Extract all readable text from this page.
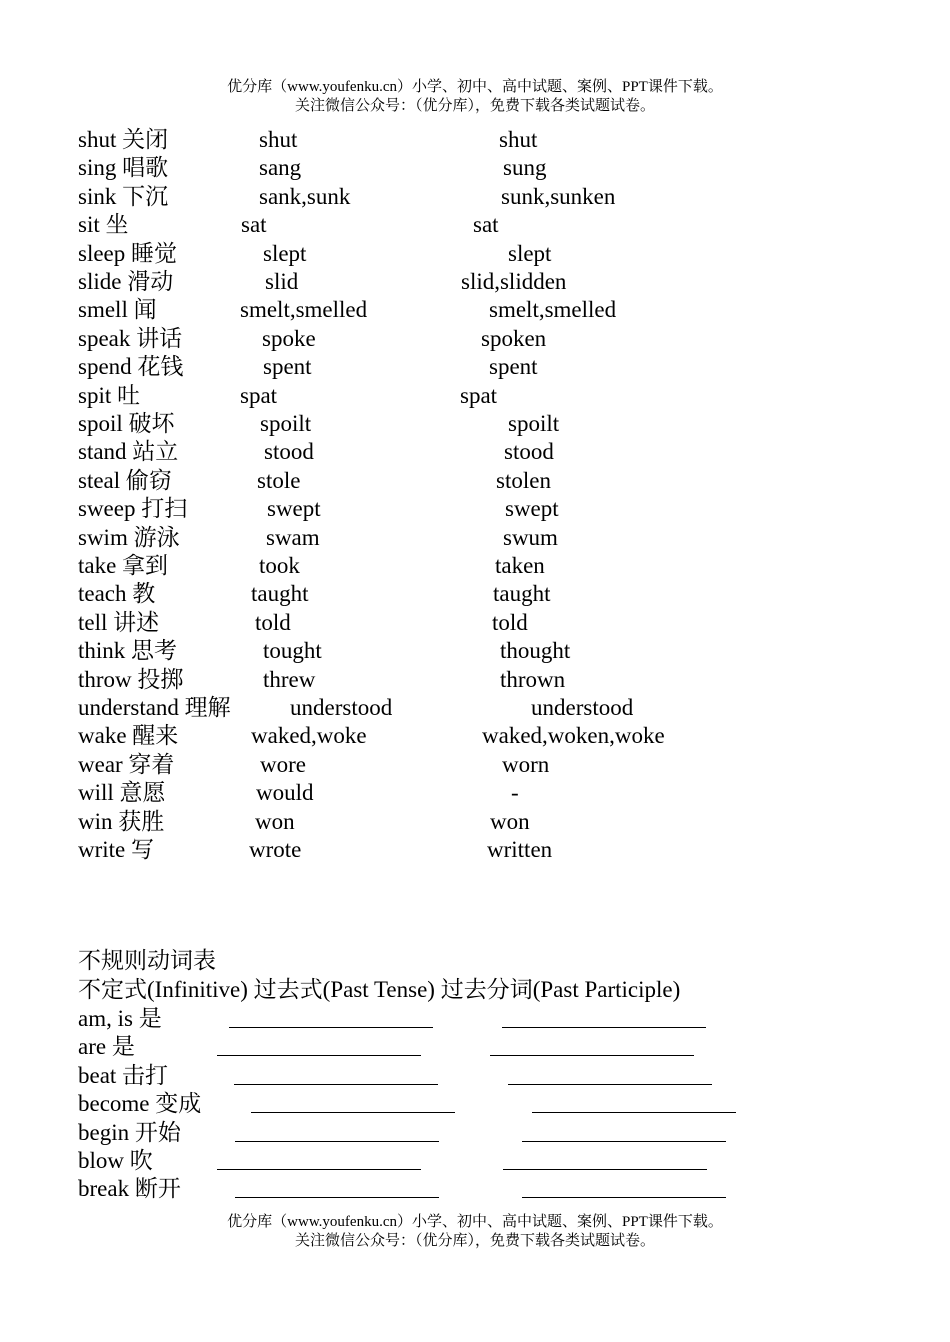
优分库（www.youfenku.cn）小学、初中、高中试题、案例、PPT课件下载。
关注微信公众号：（优分库），免费下载各类试题试卷。
shut 关闭	shut	shut
sing 唱歌	sang	sung
sink 下沉	sank,sunk	sunk,sunken
sit 坐	sat	sat
sleep 睡觉	slept	slept
slide 滑动	slid	slid,slidden
smell 闻	smelt,smelled	smelt,smelled
speak 讲话	spoke	spoken
spend 花钱	spent	spent
spit 吐	spat	spat
spoil 破坏	spoilt	spoilt
stand 站立	stood	stood
steal 偷窃	stole	stolen
sweep 打扫	swept	swept
swim 游泳	swam	swum
take 拿到	took	taken
teach 教	taught	taught
tell 讲述	told	told
think 思考	tought	thought
throw 投掷	threw	thrown
understand 理解	understood	understood
wake 醒来	waked,woke	waked,woken,woke
wear 穿着	wore	worn
will 意愿	would	-
win 获胜	won	won
write 写	wrote	written
不规则动词表
不定式(Infinitive) 过去式(Past Tense) 过去分词(Past Participle)
am, is 是
are 是
beat 击打
become 变成
begin 开始
blow 吹
break 断开
优分库（www.youfenku.cn）小学、初中、高中试题、案例、PPT课件下载。
关注微信公众号：（优分库），免费下载各类试题试卷。
